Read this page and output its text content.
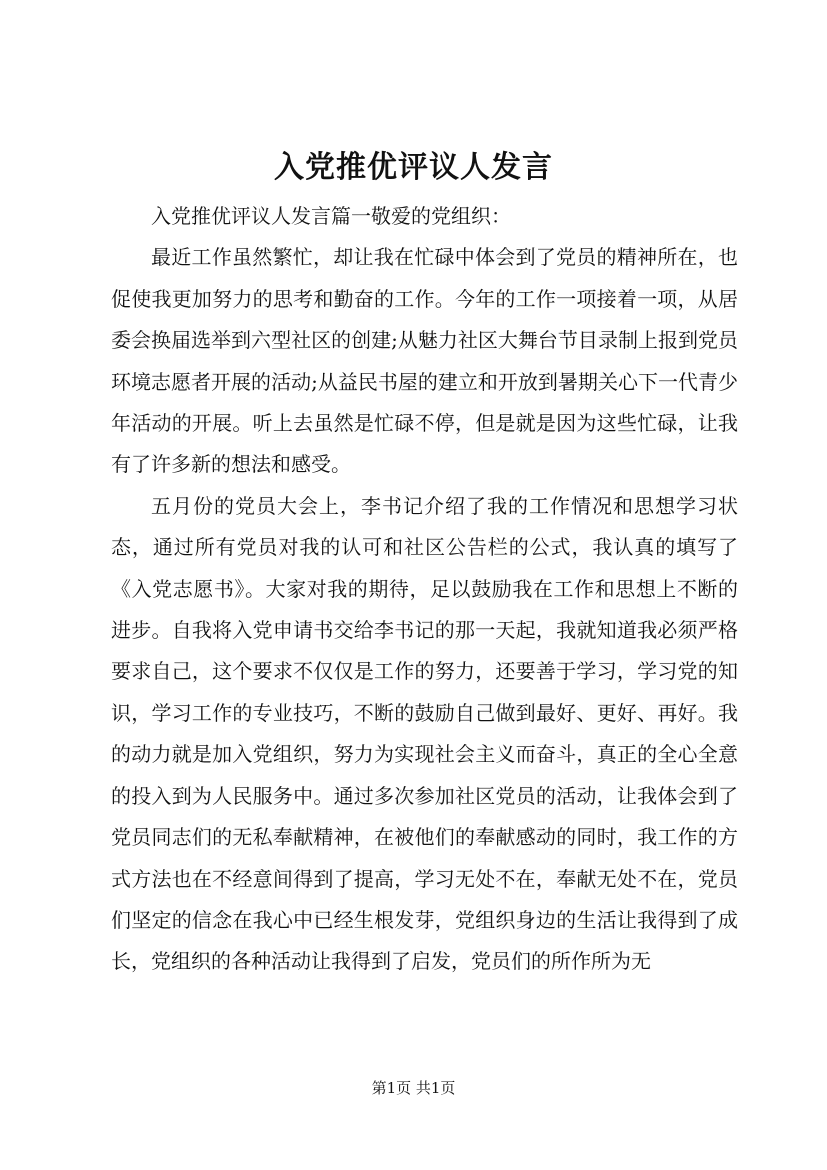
入党推优评议人发言

入党推优评议人发言篇一敬爱的党组织：

最近工作虽然繁忙，却让我在忙碌中体会到了党员的精神所在，也促使我更加努力的思考和勤奋的工作。今年的工作一项接着一项，从居委会换届选举到六型社区的创建;从魅力社区大舞台节目录制上报到党员环境志愿者开展的活动;从益民书屋的建立和开放到暑期关心下一代青少年活动的开展。听上去虽然是忙碌不停，但是就是因为这些忙碌，让我有了许多新的想法和感受。

五月份的党员大会上，李书记介绍了我的工作情况和思想学习状态，通过所有党员对我的认可和社区公告栏的公式，我认真的填写了《入党志愿书》。大家对我的期待，足以鼓励我在工作和思想上不断的进步。自我将入党申请书交给李书记的那一天起，我就知道我必须严格要求自己，这个要求不仅仅是工作的努力，还要善于学习，学习党的知识，学习工作的专业技巧，不断的鼓励自己做到最好、更好、再好。我的动力就是加入党组织，努力为实现社会主义而奋斗，真正的全心全意的投入到为人民服务中。通过多次参加社区党员的活动，让我体会到了党员同志们的无私奉献精神，在被他们的奉献感动的同时，我工作的方式方法也在不经意间得到了提高，学习无处不在，奉献无处不在，党员们坚定的信念在我心中已经生根发芽，党组织身边的生活让我得到了成长，党组织的各种活动让我得到了启发，党员们的所作所为无

第1页 共1页
